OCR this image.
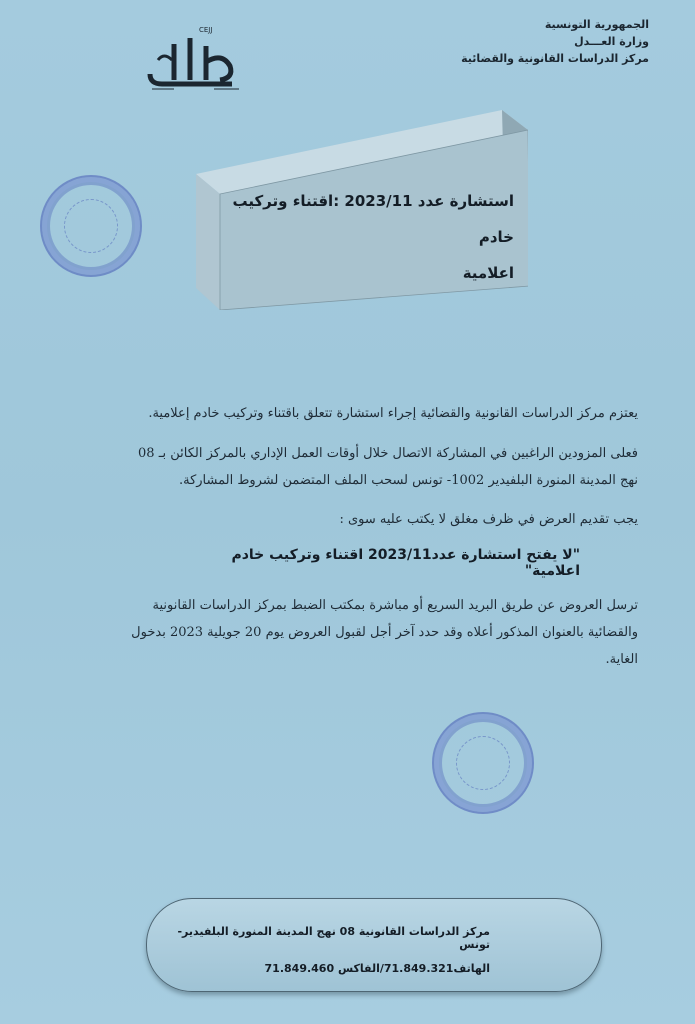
الجمهورية التونسية
وزارة العـــدل
مركز الدراسات القانونية والقضائية
CEJJ
استشارة عدد 2023/11 :اقتناء وتركيب خادم
اعلامية
يعتزم مركز الدراسات القانونية والقضائية إجراء استشارة تتعلق باقتناء وتركيب خادم إعلامية.
فعلى المزودين الراغبين في المشاركة الاتصال خلال أوقات العمل الإداري بالمركز الكائن بـ 08 نهج المدينة المنورة البلفيدير 1002- تونس لسحب الملف المتضمن لشروط المشاركة.
يجب تقديم العرض في ظرف مغلق لا يكتب عليه سوى :
"لا يفتح استشارة عدد2023/11 اقتناء وتركيب خادم اعلامية"
ترسل العروض عن طريق البريد السريع أو مباشرة بمكتب الضبط بمركز الدراسات القانونية والقضائية بالعنوان المذكور أعلاه وقد حدد آخر أجل لقبول العروض يوم 20 جويلية 2023 بدخول الغاية.
مركز الدراسات القانونية 08 نهج المدينة المنورة البلفيدير-تونس
الهاتف71.849.321/الفاكس 71.849.460
